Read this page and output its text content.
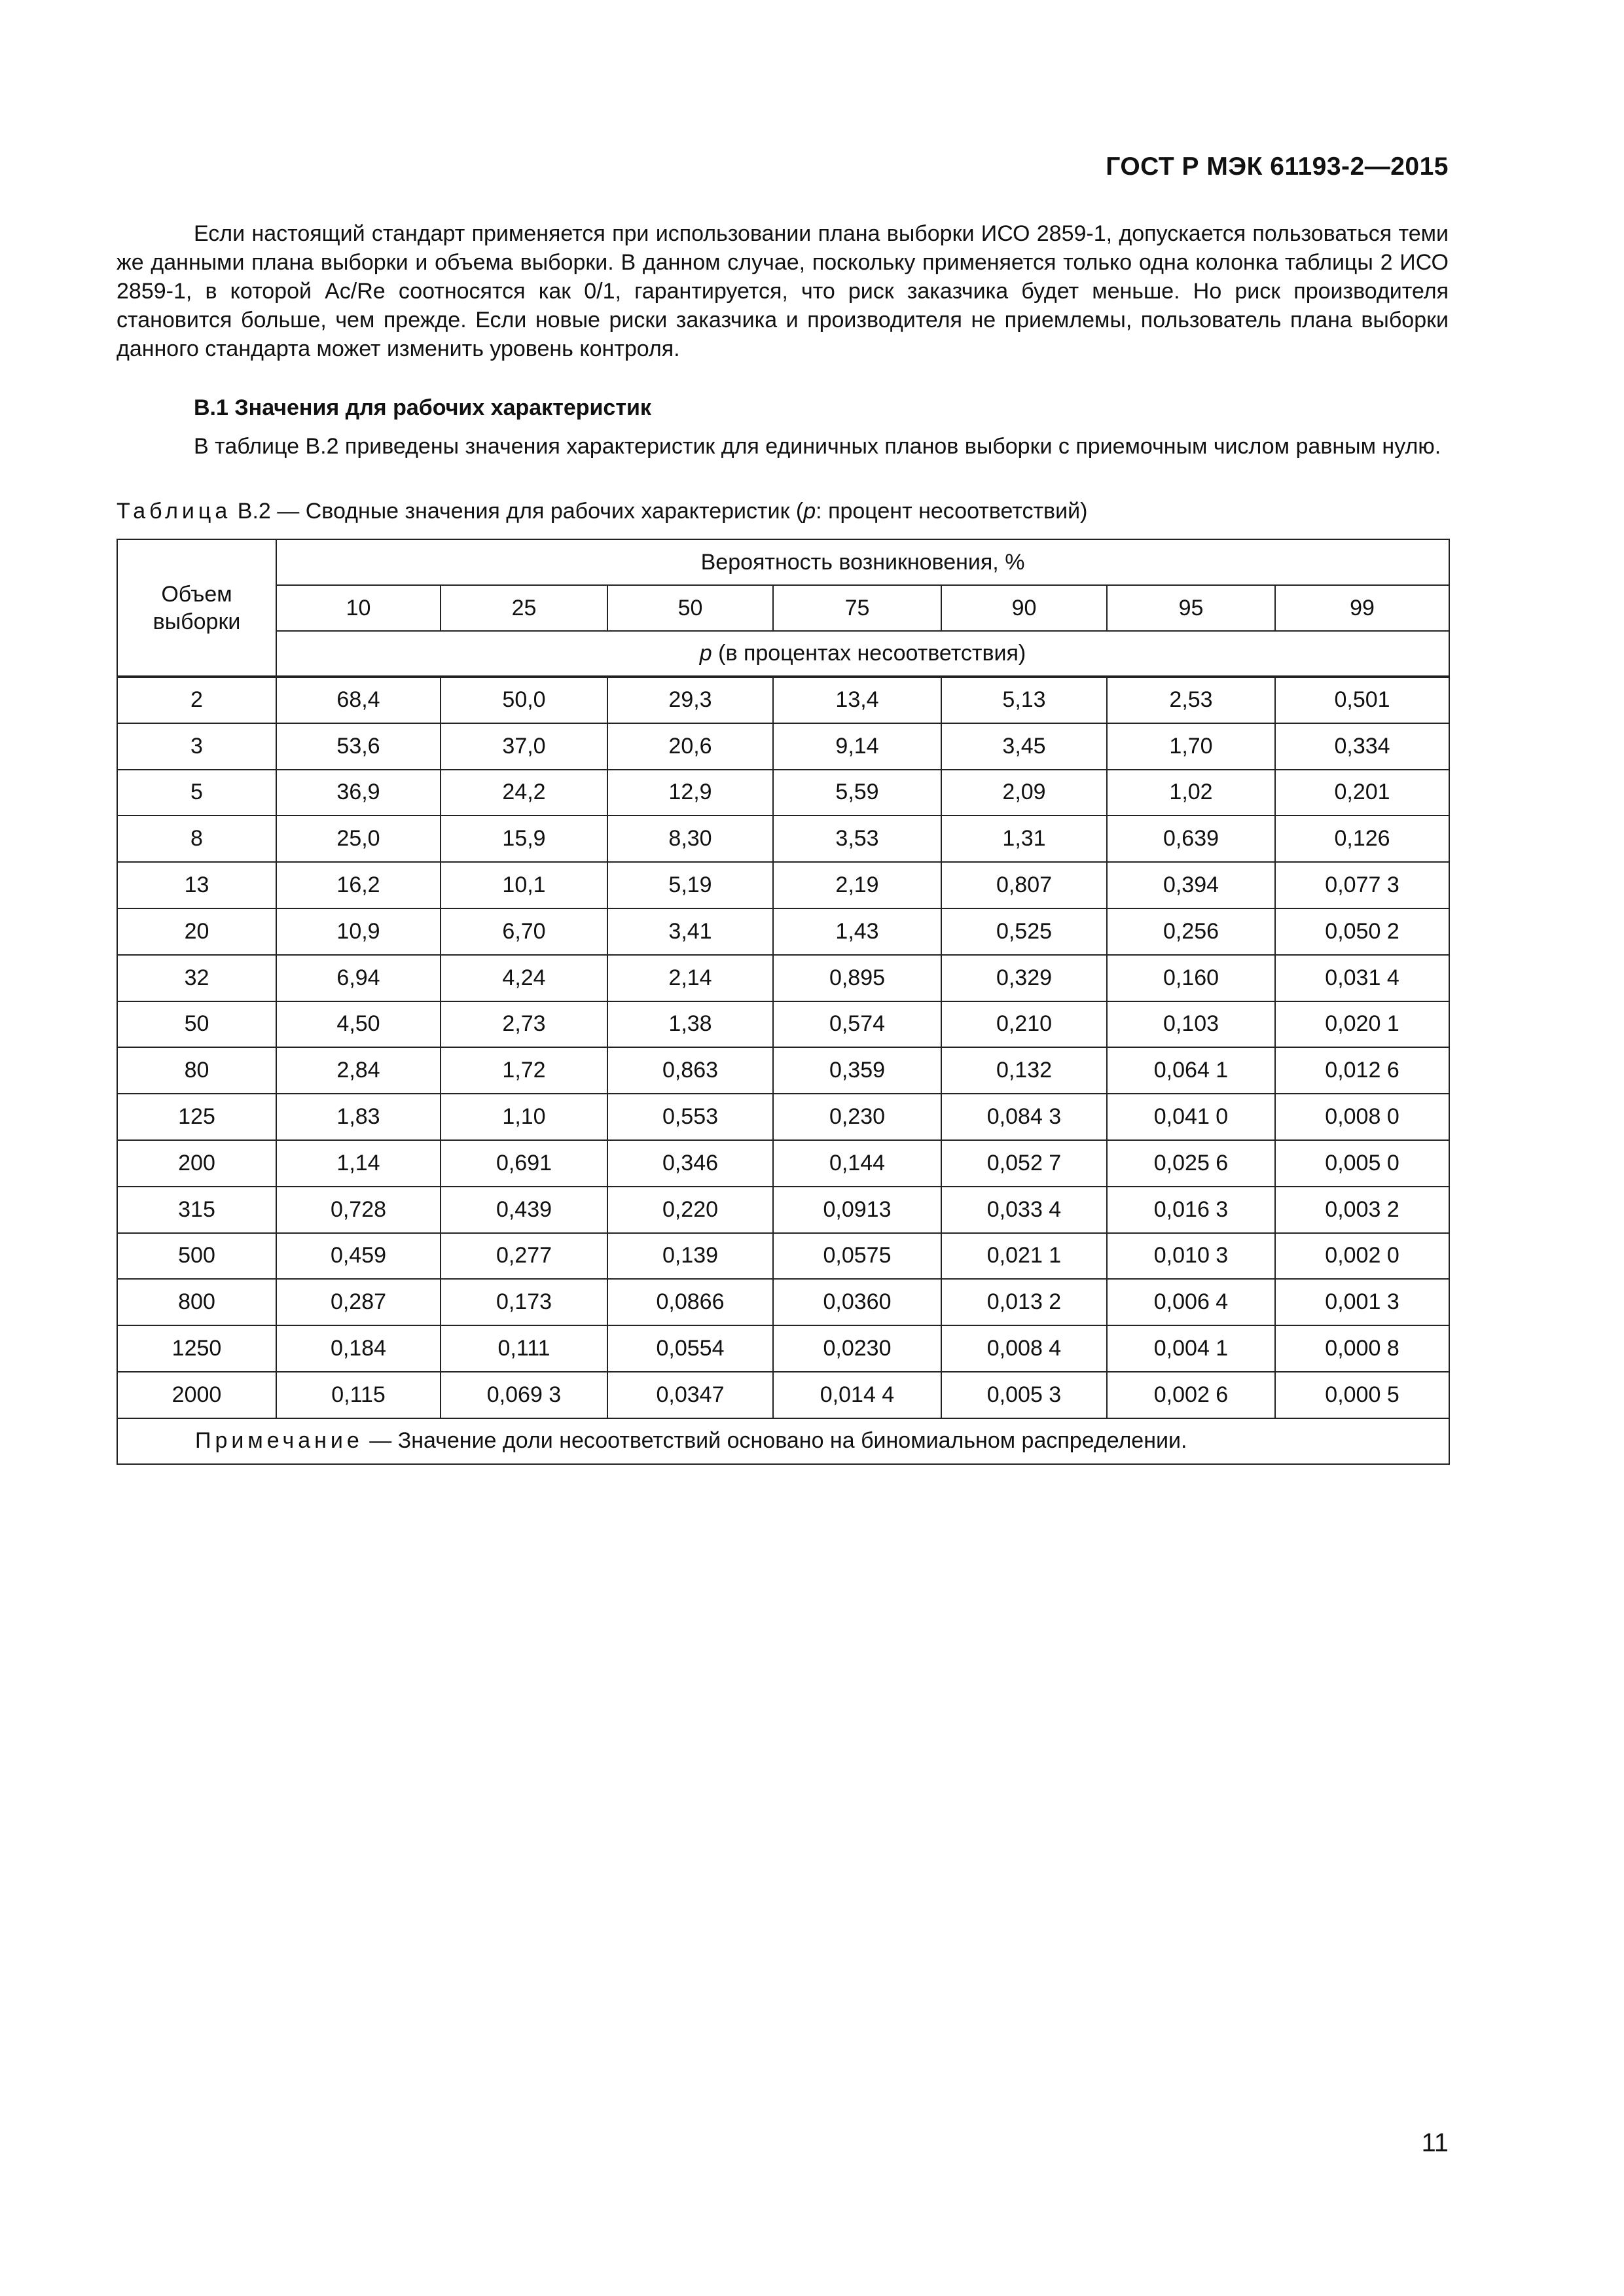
ГОСТ Р МЭК 61193-2—2015

Если настоящий стандарт применяется при использовании плана выборки ИСО 2859-1, допускается пользоваться теми же данными плана выборки и объема выборки. В данном случае, поскольку применяется только одна колонка таблицы 2 ИСО 2859-1, в которой Ac/Re соотносятся как 0/1, гарантируется, что риск заказчика будет меньше. Но риск производителя становится больше, чем прежде. Если новые риски заказчика и производителя не приемлемы, пользователь плана выборки данного стандарта может изменить уровень контроля.

В.1 Значения для рабочих характеристик

В таблице В.2 приведены значения характеристик для единичных планов выборки с приемочным числом равным нулю.

Таблица В.2 — Сводные значения для рабочих характеристик (p: процент несоответствий)

Объем выборки	Вероятность возникновения, %						
	10	25	50	75	90	95	99
	p (в процентах несоответствия)						
2	68,4	50,0	29,3	13,4	5,13	2,53	0,501
3	53,6	37,0	20,6	9,14	3,45	1,70	0,334
5	36,9	24,2	12,9	5,59	2,09	1,02	0,201
8	25,0	15,9	8,30	3,53	1,31	0,639	0,126
13	16,2	10,1	5,19	2,19	0,807	0,394	0,077 3
20	10,9	6,70	3,41	1,43	0,525	0,256	0,050 2
32	6,94	4,24	2,14	0,895	0,329	0,160	0,031 4
50	4,50	2,73	1,38	0,574	0,210	0,103	0,020 1
80	2,84	1,72	0,863	0,359	0,132	0,064 1	0,012 6
125	1,83	1,10	0,553	0,230	0,084 3	0,041 0	0,008 0
200	1,14	0,691	0,346	0,144	0,052 7	0,025 6	0,005 0
315	0,728	0,439	0,220	0,0913	0,033 4	0,016 3	0,003 2
500	0,459	0,277	0,139	0,0575	0,021 1	0,010 3	0,002 0
800	0,287	0,173	0,0866	0,0360	0,013 2	0,006 4	0,001 3
1250	0,184	0,111	0,0554	0,0230	0,008 4	0,004 1	0,000 8
2000	0,115	0,069 3	0,0347	0,014 4	0,005 3	0,002 6	0,000 5
Примечание — Значение доли несоответствий основано на биномиальном распределении.							
11
